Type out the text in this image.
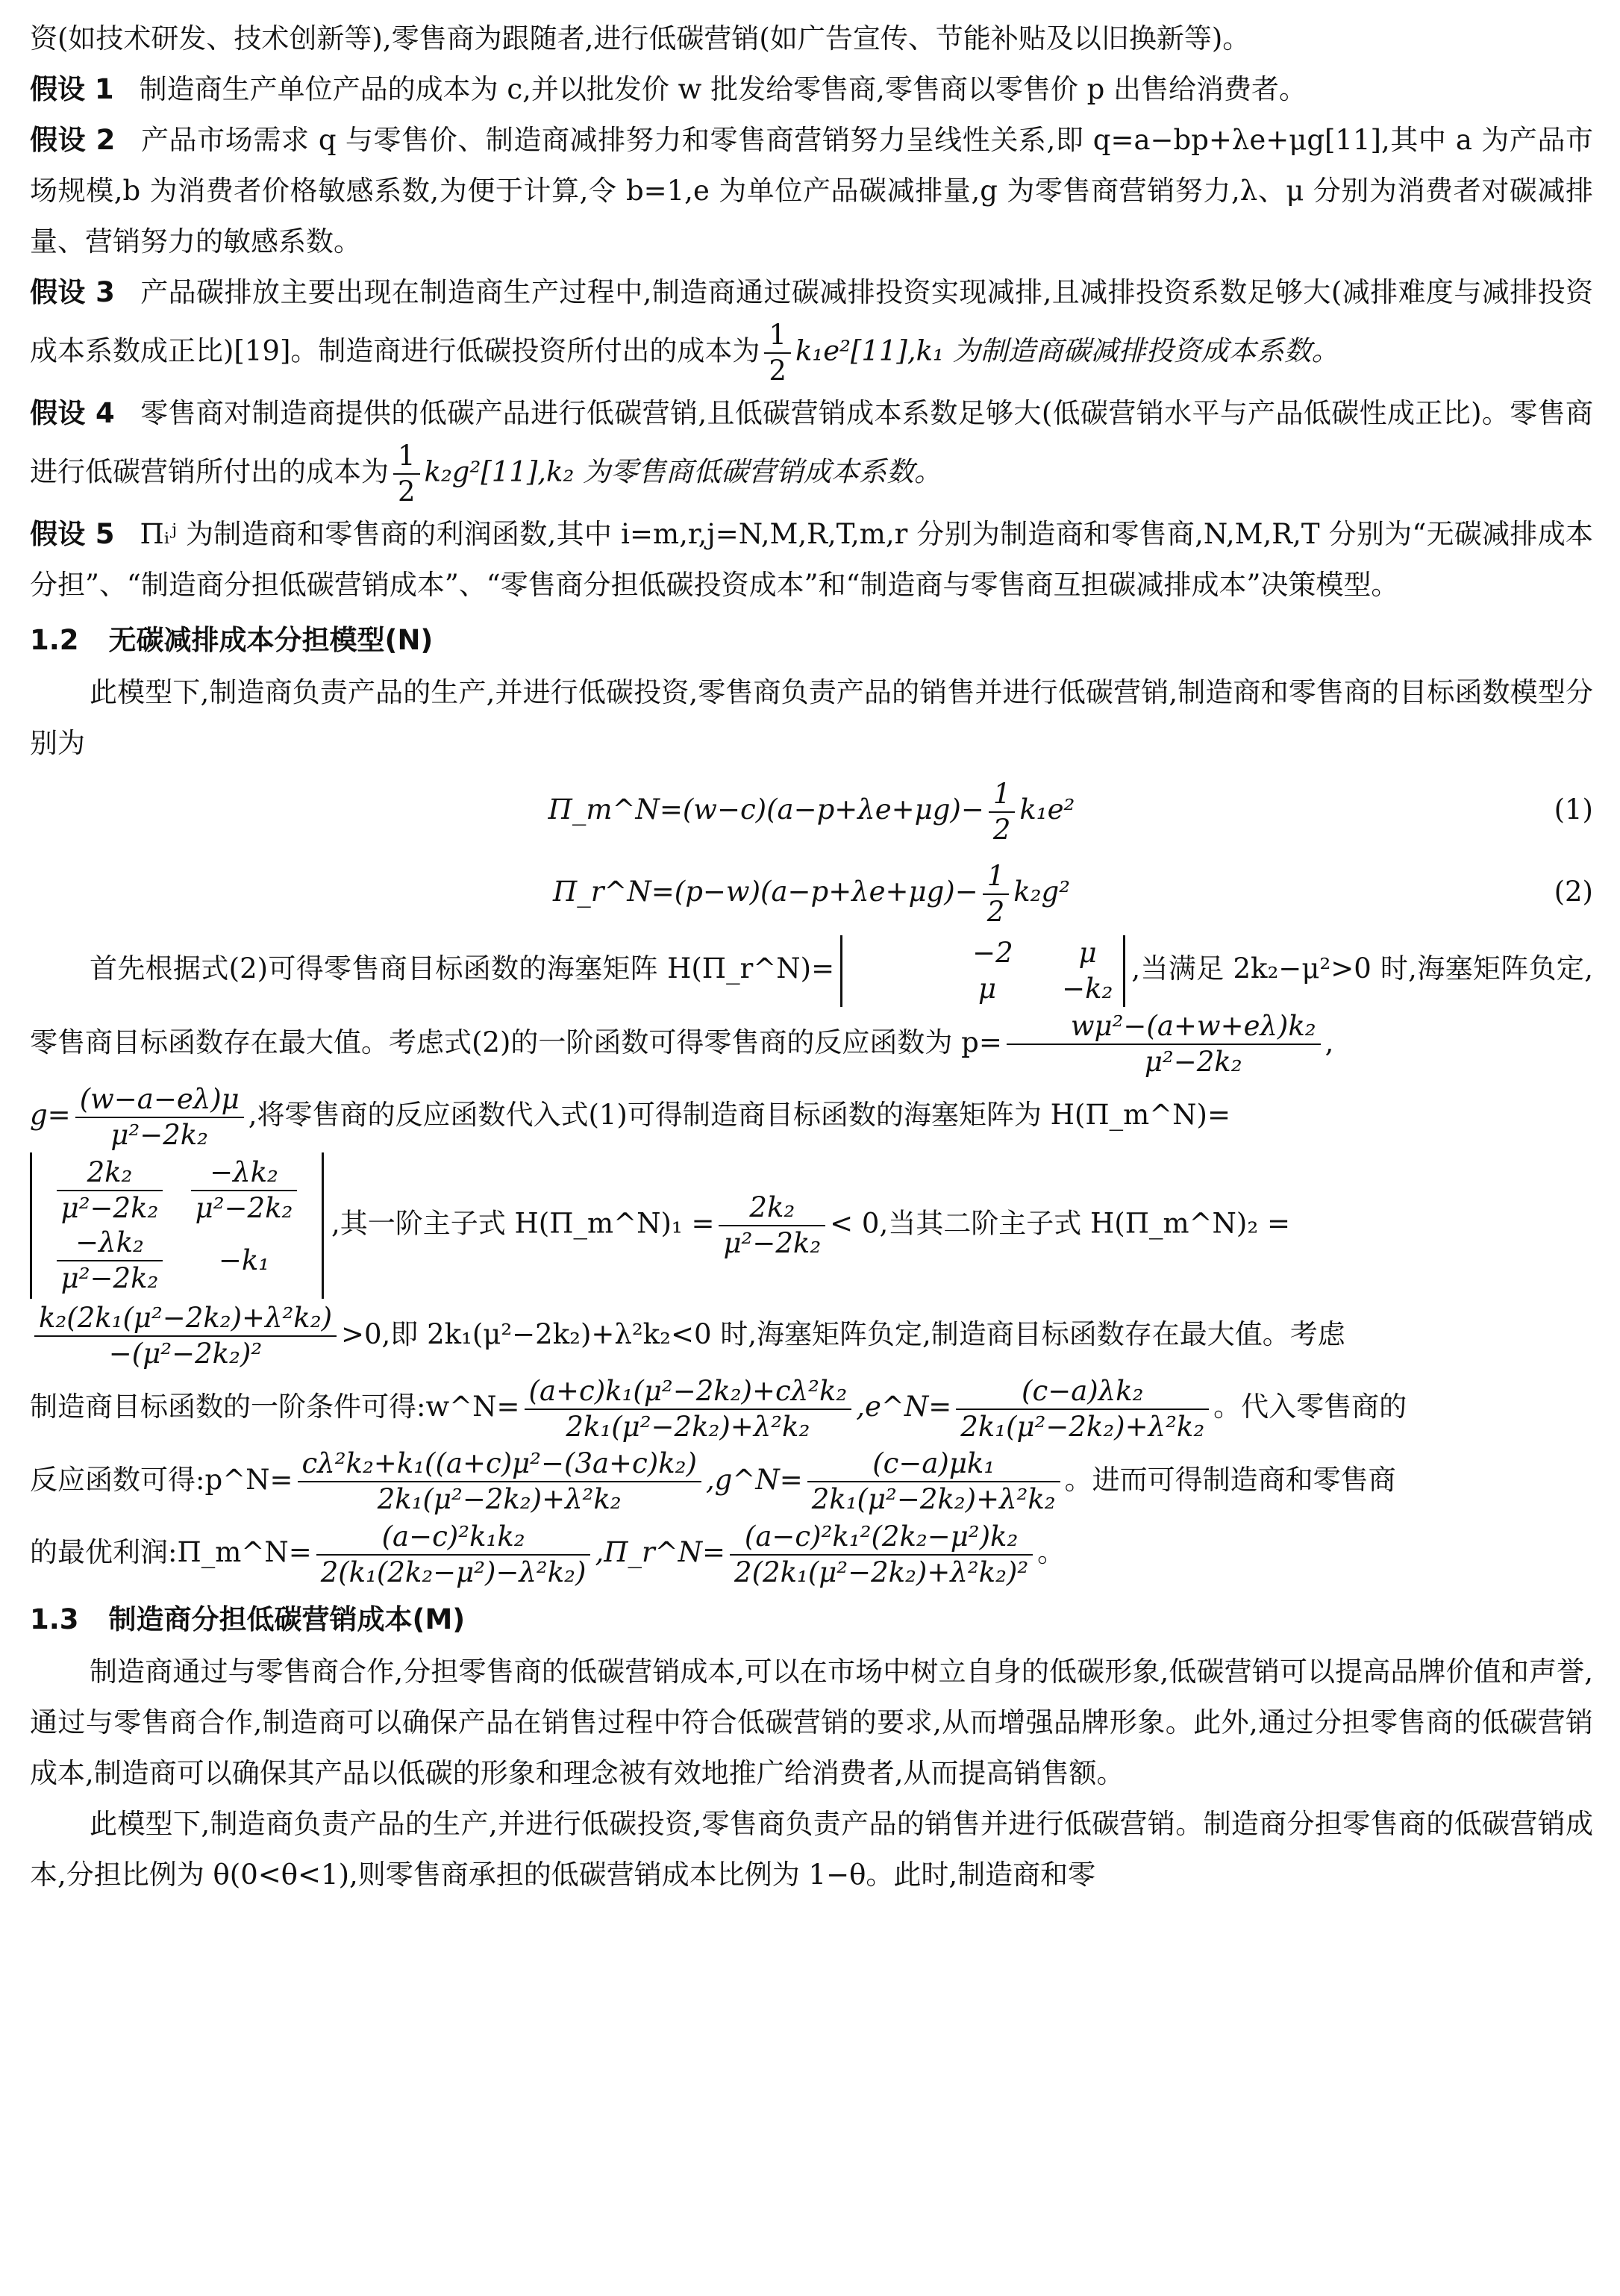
资(如技术研发、技术创新等),零售商为跟随者,进行低碳营销(如广告宣传、节能补贴及以旧换新等)。

假设 1 制造商生产单位产品的成本为 c,并以批发价 w 批发给零售商,零售商以零售价 p 出售给消费者。

假设 2 产品市场需求 q 与零售价、制造商减排努力和零售商营销努力呈线性关系,即 q=a−bp+λe+μg[11],其中 a 为产品市场规模,b 为消费者价格敏感系数,为便于计算,令 b=1,e 为单位产品碳减排量,g 为零售商营销努力,λ、μ 分别为消费者对碳减排量、营销努力的敏感系数。

假设 3 产品碳排放主要出现在制造商生产过程中,制造商通过碳减排投资实现减排,且减排投资系数足够大(减排难度与减排投资成本系数成正比)[19]。制造商进行低碳投资所付出的成本为 $\frac{1}{2} k_1e^2[11],k_1$ 为制造商碳减排投资成本系数。

假设 4 零售商对制造商提供的低碳产品进行低碳营销,且低碳营销成本系数足够大(低碳营销水平与产品低碳性成正比)。零售商进行低碳营销所付出的成本为 $\frac{1}{2} k_2g^2[11],k_2$ 为零售商低碳营销成本系数。

假设 5 Πᵢʲ 为制造商和零售商的利润函数,其中 i=m,r,j=N,M,R,T,m,r 分别为制造商和零售商,N,M,R,T 分别为“无碳减排成本分担”、“制造商分担低碳营销成本”、“零售商分担低碳投资成本”和“制造商与零售商互担碳减排成本”决策模型。

1.2 无碳减排成本分担模型(N)

此模型下,制造商负责产品的生产,并进行低碳投资,零售商负责产品的销售并进行低碳营销,制造商和零售商的目标函数模型分别为

Π_m^N=(w−c)(a−p+λe+μg)− $\frac{1}{2} k_1e^2$	(1)
Π_r^N=(p−w)(a−p+λe+μg)− $\frac{1}{2} k_2g^2$	(2)

首先根据式(2)可得零售商目标函数的海塞矩阵 H(Π_r^N)=	−2 μ
μ −k₂
,当满足 2k₂−μ²>0 时,海塞矩阵负定,零售商目标函数存在最大值。考虑式(2)的一阶函数可得零售商的反应函数为 $p= \frac{\text{wμ²−(a+w+eλ)k₂}}{\text{μ²−2k₂}}$ ,

$g= \frac{(w-a-e\lambda)\mu}{\text{μ²−2k₂}}$ ,将零售商的反应函数代入式(1)可得制造商目标函数的海塞矩阵为 H(Π_m^N)=

$\frac{\text{2k₂}}{\text{μ²−2k₂}} \frac{\text{−λk₂}}{\text{μ²−2k₂}}$
$\frac{\text{−λk₂}}{\text{μ²−2k₂}} -k_1$
,其一阶主子式 H(Π_m^N)₁ = $\frac{\text{2k₂}}{\text{μ²−2k₂}} < 0$,当其二阶主子式 H(Π_m^N)₂ =

$\frac{\text{k₂(2k₁(μ²−2k₂)+λ²k₂)}}{\text{−(μ²−2k₂)²}} >0$,即 2k₁(μ²−2k₂)+λ²k₂<0 时,海塞矩阵负定,制造商目标函数存在最大值。考虑

制造商目标函数的一阶条件可得:w^N= $\frac{\text{(a+c)k₁(μ²−2k₂)+cλ²k₂}}{\text{2k₁(μ²−2k₂)+λ²k₂}}$ ,e^N= $\frac{\text{(c−a)λk₂}}{\text{2k₁(μ²−2k₂)+λ²k₂}}$ 。代入零售商的

反应函数可得:p^N= $\frac{\text{cλ²k₂+k₁((a+c)μ²−(3a+c)k₂)}}{\text{2k₁(μ²−2k₂)+λ²k₂}}$ ,g^N= $\frac{\text{(c−a)μk₁}}{\text{2k₁(μ²−2k₂)+λ²k₂}}$ 。进而可得制造商和零售商

的最优利润:Π_m^N= $\frac{\text{(a−c)²k₁k₂}}{\text{2(k₁(2k₂−μ²)−λ²k₂)}}$ ,Π_r^N= $\frac{\text{(a−c)²k₁²(2k₂−μ²)k₂}}{\text{2(2k₁(μ²−2k₂)+λ²k₂)²}}$ 。

1.3 制造商分担低碳营销成本(M)

制造商通过与零售商合作,分担零售商的低碳营销成本,可以在市场中树立自身的低碳形象,低碳营销可以提高品牌价值和声誉,通过与零售商合作,制造商可以确保产品在销售过程中符合低碳营销的要求,从而增强品牌形象。此外,通过分担零售商的低碳营销成本,制造商可以确保其产品以低碳的形象和理念被有效地推广给消费者,从而提高销售额。

此模型下,制造商负责产品的生产,并进行低碳投资,零售商负责产品的销售并进行低碳营销。制造商分担零售商的低碳营销成本,分担比例为 θ(0<θ<1),则零售商承担的低碳营销成本比例为 1−θ。此时,制造商和零
